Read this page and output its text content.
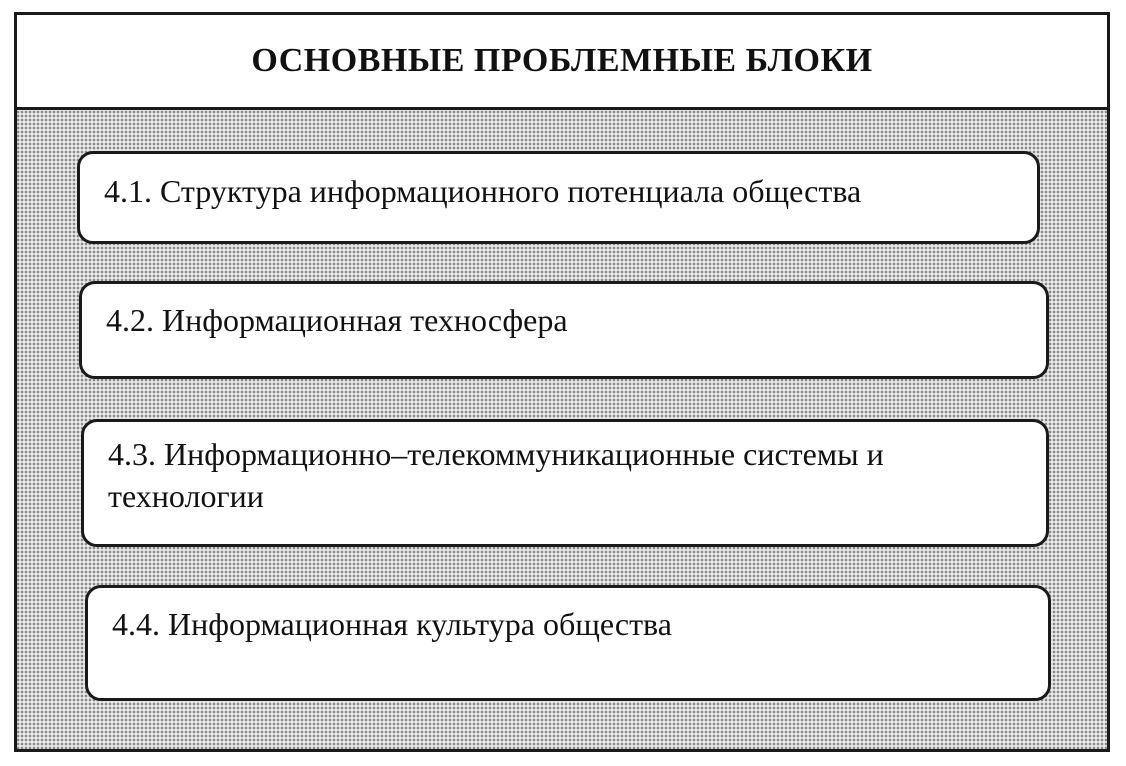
ОСНОВНЫЕ ПРОБЛЕМНЫЕ БЛОКИ
4.1. Структура информационного потенциала общества
4.2. Информационная техносфера
4.3. Информационно–телекоммуникационные системы и технологии
4.4. Информационная культура общества
